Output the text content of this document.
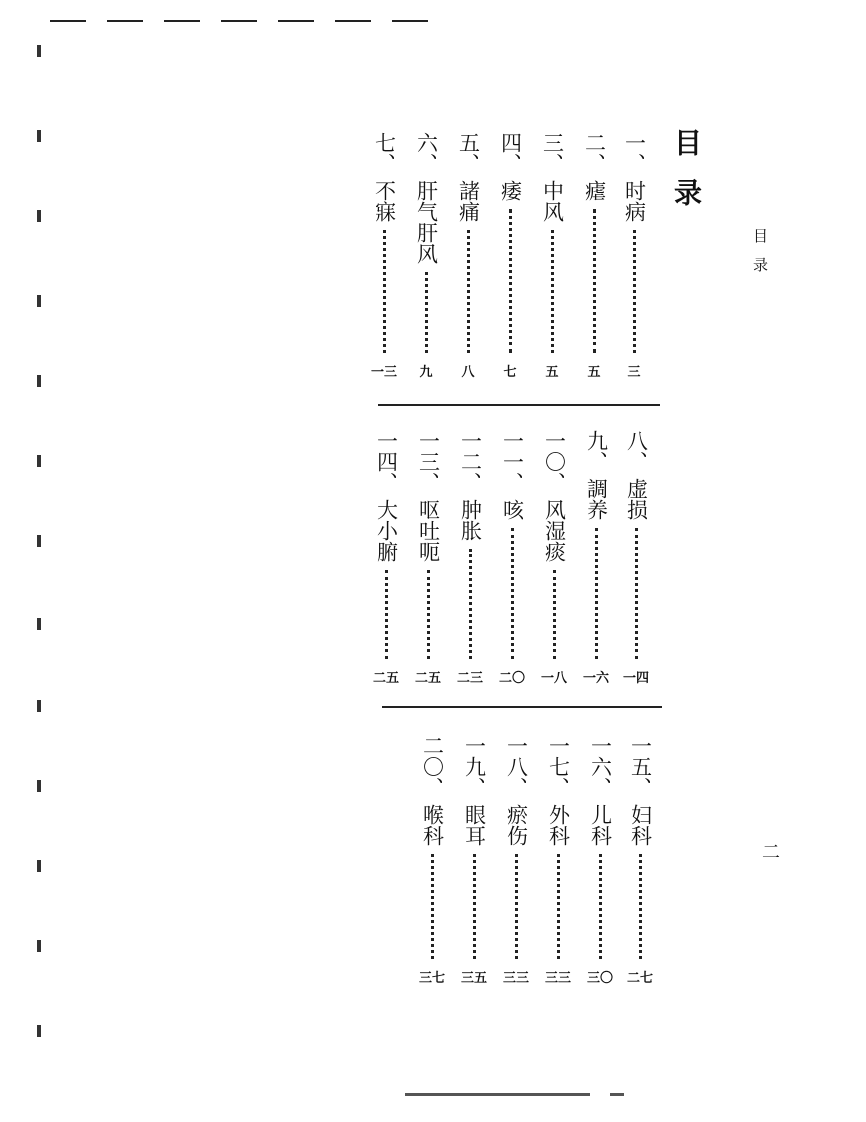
目录
目录
二
一、
时病
三
二、
瘧
五
三、
中风
五
四、
痿
七
五、
諸痛
八
六、
肝气肝风
九
七、
不寐
一三
八、
虚损
一四
九、
調养
一六
一〇、
风湿痰
一八
一一、
咳
二〇
一二、
肿胀
二三
一三、
呕吐呃
二五
一四、
大小腑
二五
一五、
妇科
二七
一六、
儿科
三〇
一七、
外科
三三
一八、
瘀伤
三三
一九、
眼耳
三五
二〇、
喉科
三七
